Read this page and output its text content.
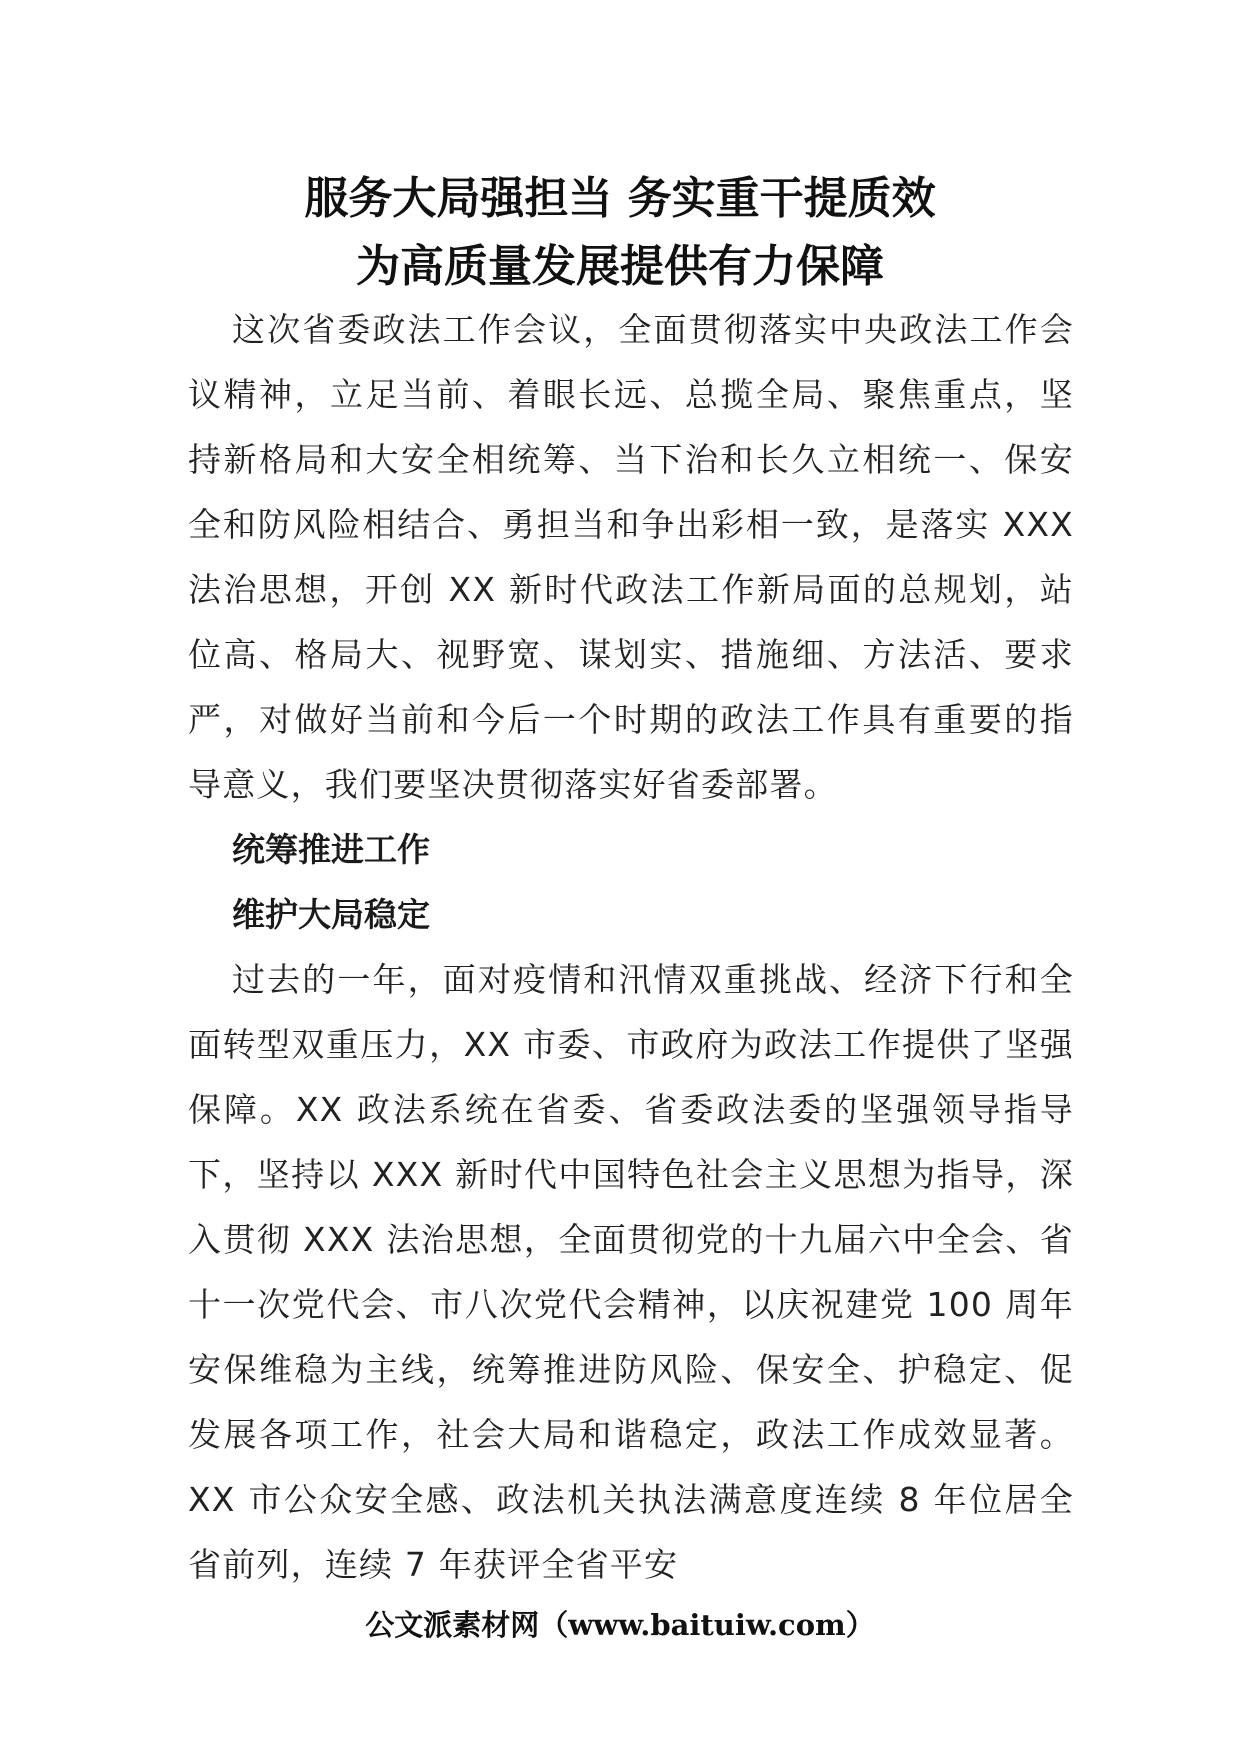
服务大局强担当 务实重干提质效
为高质量发展提供有力保障

这次省委政法工作会议，全面贯彻落实中央政法工作会议精神，立足当前、着眼长远、总揽全局、聚焦重点，坚持新格局和大安全相统筹、当下治和长久立相统一、保安全和防风险相结合、勇担当和争出彩相一致，是落实 XXX 法治思想，开创 XX 新时代政法工作新局面的总规划，站位高、格局大、视野宽、谋划实、措施细、方法活、要求严，对做好当前和今后一个时期的政法工作具有重要的指导意义，我们要坚决贯彻落实好省委部署。

统筹推进工作

维护大局稳定

过去的一年，面对疫情和汛情双重挑战、经济下行和全面转型双重压力，XX 市委、市政府为政法工作提供了坚强保障。XX 政法系统在省委、省委政法委的坚强领导指导下，坚持以 XXX 新时代中国特色社会主义思想为指导，深入贯彻 XXX 法治思想，全面贯彻党的十九届六中全会、省十一次党代会、市八次党代会精神，以庆祝建党 100 周年安保维稳为主线，统筹推进防风险、保安全、护稳定、促发展各项工作，社会大局和谐稳定，政法工作成效显著。XX 市公众安全感、政法机关执法满意度连续 8 年位居全省前列，连续 7 年获评全省平安

公文派素材网（www.baituiw.com）
